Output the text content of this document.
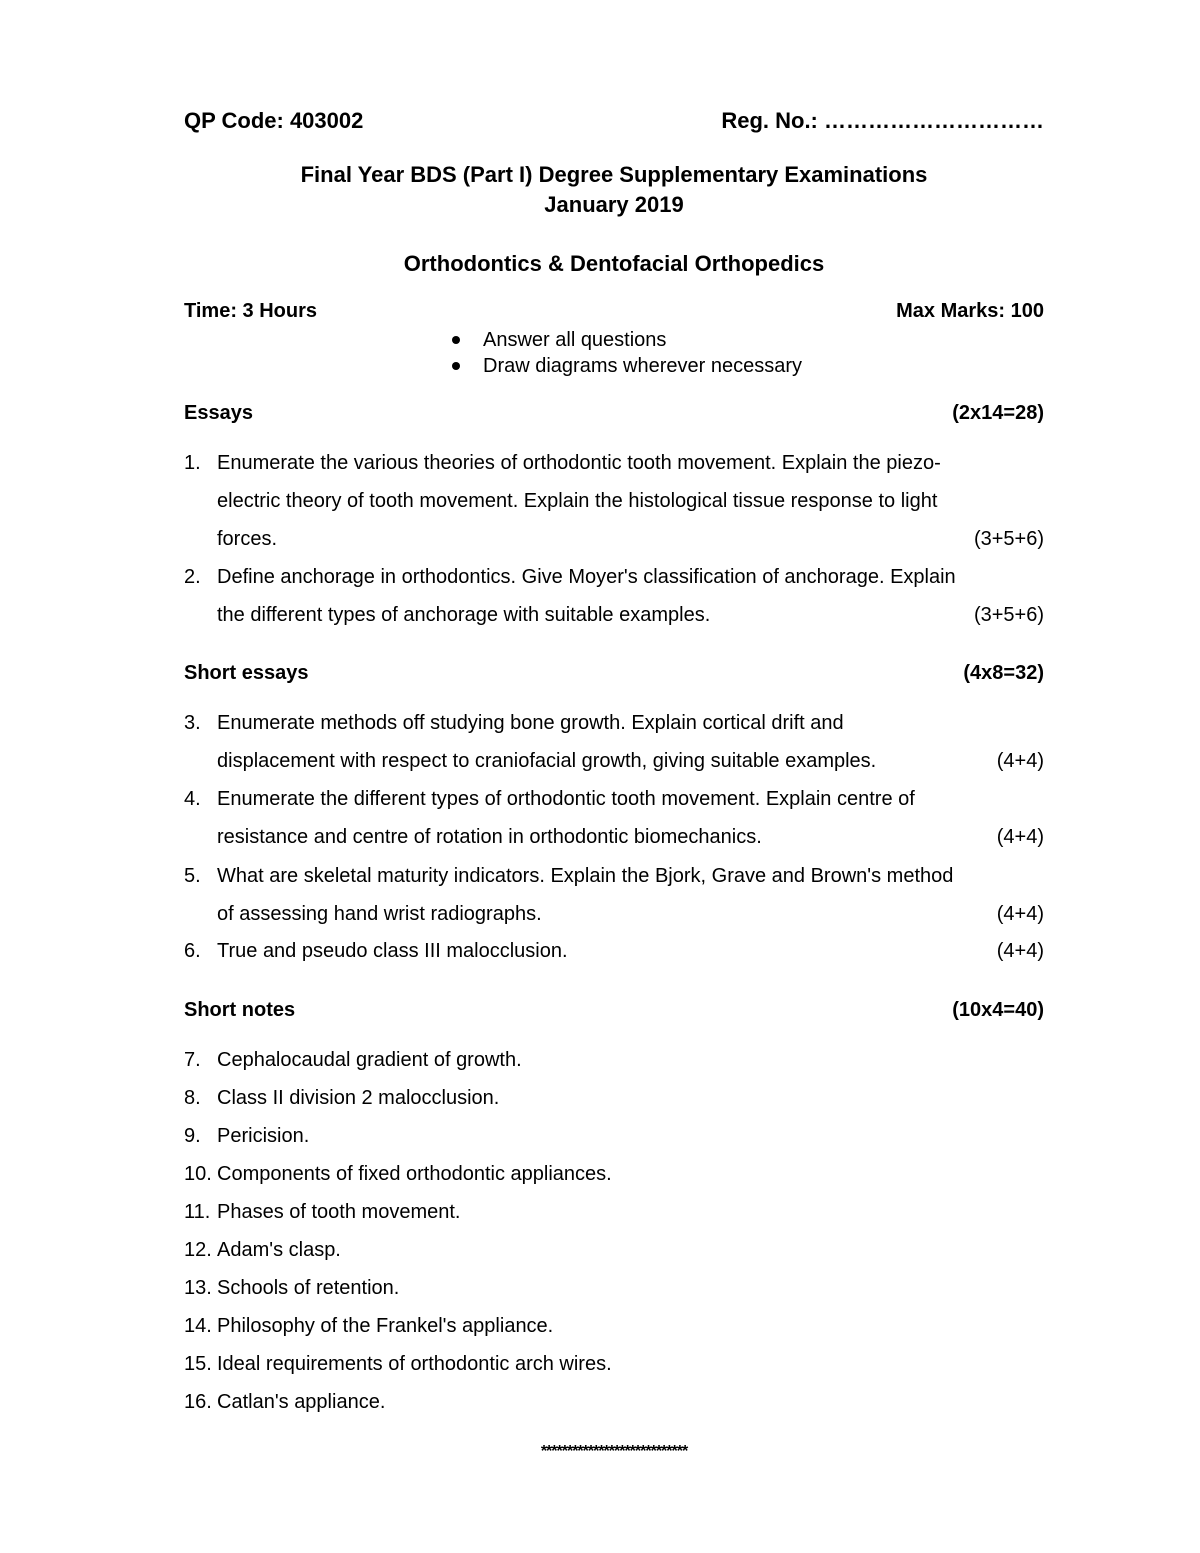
QP Code: 403002	Reg. No.: …………………………
Final Year BDS (Part I) Degree Supplementary Examinations
January 2019
Orthodontics & Dentofacial Orthopedics
Time: 3 Hours	Max Marks: 100
Answer all questions
Draw diagrams wherever necessary
Essays	(2x14=28)
1. Enumerate the various theories of orthodontic tooth movement. Explain the piezo-
electric theory of tooth movement. Explain the histological tissue response to light
forces.	(3+5+6)
2. Define anchorage in orthodontics. Give Moyer's classification of anchorage. Explain
the different types of anchorage with suitable examples.	(3+5+6)
Short essays	(4x8=32)
3. Enumerate methods off studying bone growth. Explain cortical drift and
displacement with respect to craniofacial growth, giving suitable examples.	(4+4)
4. Enumerate the different types of orthodontic tooth movement. Explain centre of
resistance and centre of rotation in orthodontic biomechanics.	(4+4)
5. What are skeletal maturity indicators. Explain the Bjork, Grave and Brown's method
of assessing hand wrist radiographs.	(4+4)
6. True and pseudo class III malocclusion.	(4+4)
Short notes	(10x4=40)
7. Cephalocaudal gradient of growth.
8. Class II division 2 malocclusion.
9. Pericision.
10. Components of fixed orthodontic appliances.
11. Phases of tooth movement.
12. Adam's clasp.
13. Schools of retention.
14. Philosophy of the Frankel's appliance.
15. Ideal requirements of orthodontic arch wires.
16. Catlan's appliance.
****************************
